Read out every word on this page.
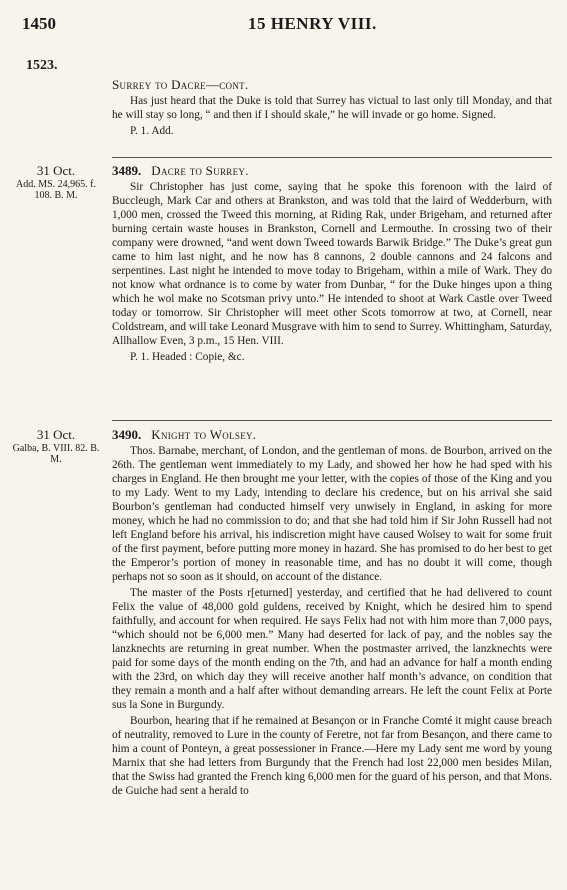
1450	15 HENRY VIII.
1523.
Surrey to Dacre—cont.

Has just heard that the Duke is told that Surrey has victual to last only till Monday, and that he will stay so long, “ and then if I should skale,” he will invade or go home. Signed.

P. 1. Add.

31 Oct.
Add. MS. 24,965. f. 108. B. M.
3489. Dacre to Surrey.

Sir Christopher has just come, saying that he spoke this forenoon with the laird of Buccleugh, Mark Car and others at Brankston, and was told that the laird of Wedderburn, with 1,000 men, crossed the Tweed this morning, at Riding Rak, under Brigeham, and returned after burning certain waste houses in Brankston, Cornell and Lermouthe. In crossing two of their company were drowned, “and went down Tweed towards Barwik Bridge.” The Duke’s great gun came to him last night, and he now has 8 cannons, 2 double cannons and 24 falcons and serpentines. Last night he intended to move today to Brigeham, within a mile of Wark. They do not know what ordnance is to come by water from Dunbar, “ for the Duke hinges upon a thing which he wol make no Scotsman privy unto.” He intended to shoot at Wark Castle over Tweed today or tomorrow. Sir Christopher will meet other Scots tomorrow at two, at Cornell, near Coldstream, and will take Leonard Musgrave with him to send to Surrey. Whittingham, Saturday, Allhallow Even, 3 p.m., 15 Hen. VIII.

P. 1. Headed : Copie, &c.

31 Oct.
Galba, B. VIII. 82. B. M.
3490. Knight to Wolsey.

Thos. Barnabe, merchant, of London, and the gentleman of mons. de Bourbon, arrived on the 26th. The gentleman went immediately to my Lady, and showed her how he had sped with his charges in England. He then brought me your letter, with the copies of those of the King and you to my Lady. Went to my Lady, intending to declare his credence, but on his arrival she said Bourbon’s gentleman had conducted himself very unwisely in England, in asking for more money, which he had no commission to do; and that she had told him if Sir John Russell had not left England before his arrival, his indiscretion might have caused Wolsey to wait for some fruit of the first payment, before putting more money in hazard. She has promised to do her best to get the Emperor’s portion of money in reasonable time, and has no doubt it will come, though perhaps not so soon as it should, on account of the distance.

The master of the Posts r[eturned] yesterday, and certified that he had delivered to count Felix the value of 48,000 gold guldens, received by Knight, which he desired him to spend faithfully, and account for when required. He says Felix had not with him more than 7,000 pays, “which should not be 6,000 men.” Many had deserted for lack of pay, and the nobles say the lanzknechts are returning in great number. When the postmaster arrived, the lanzknechts were paid for some days of the month ending on the 7th, and had an advance for half a month ending with the 23rd, on which day they will receive another half month’s advance, on condition that they remain a month and a half after without demanding arrears. He left the count Felix at Porte sus la Sone in Burgundy.

Bourbon, hearing that if he remained at Besançon or in Franche Comté it might cause breach of neutrality, removed to Lure in the county of Feretre, not far from Besançon, and there came to him a count of Ponteyn, a great possessioner in France.—Here my Lady sent me word by young Marnix that she had letters from Burgundy that the French had lost 22,000 men besides Milan, that the Swiss had granted the French king 6,000 men for the guard of his person, and that Mons. de Guiche had sent a herald to
